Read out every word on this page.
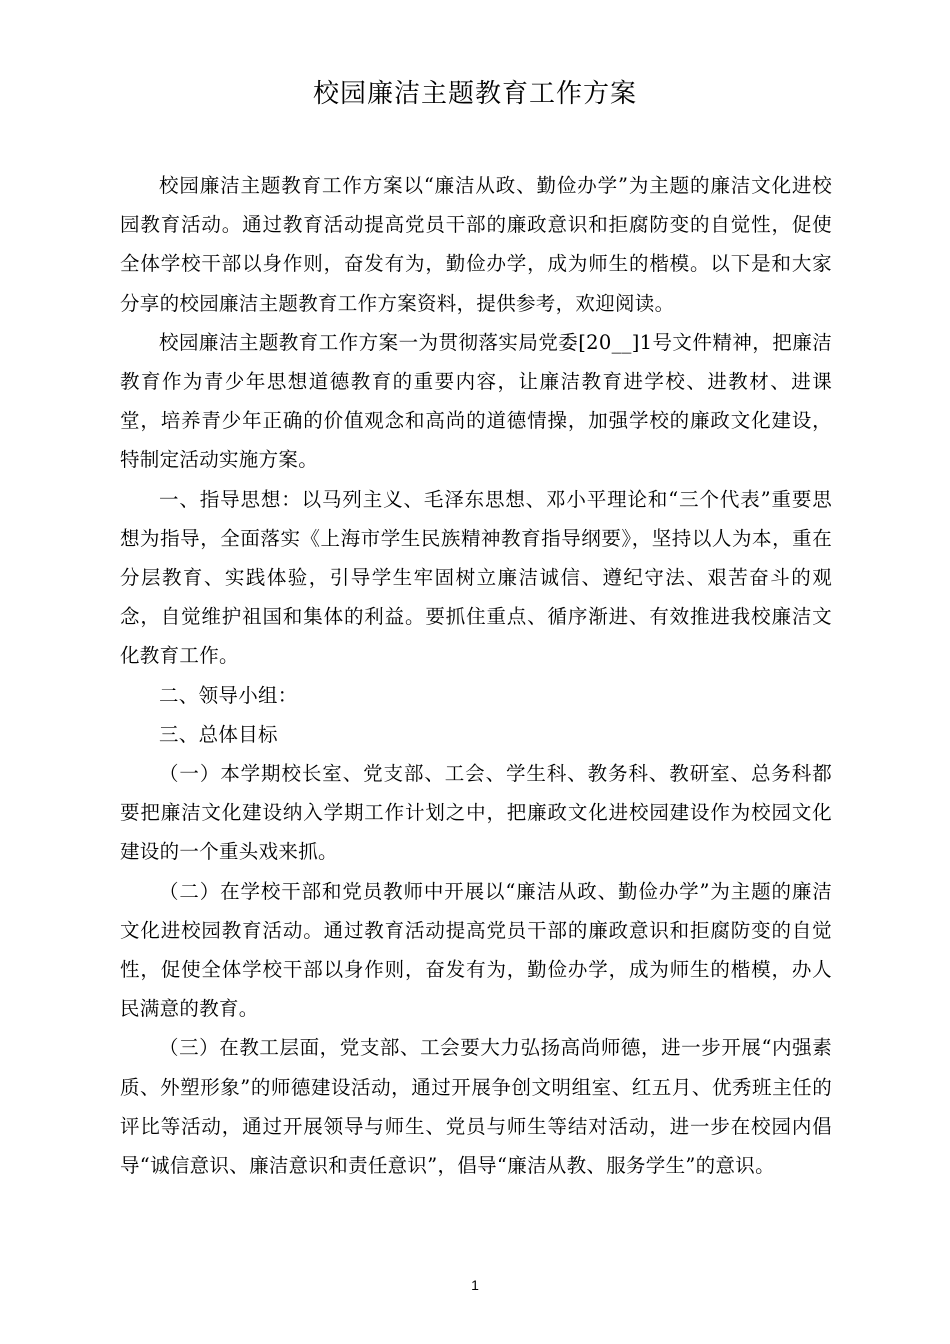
校园廉洁主题教育工作方案

校园廉洁主题教育工作方案以“廉洁从政、勤俭办学”为主题的廉洁文化进校园教育活动。通过教育活动提高党员干部的廉政意识和拒腐防变的自觉性，促使全体学校干部以身作则，奋发有为，勤俭办学，成为师生的楷模。以下是和大家分享的校园廉洁主题教育工作方案资料，提供参考，欢迎阅读。

校园廉洁主题教育工作方案一为贯彻落实局党委[20__]1号文件精神，把廉洁教育作为青少年思想道德教育的重要内容，让廉洁教育进学校、进教材、进课堂，培养青少年正确的价值观念和高尚的道德情操，加强学校的廉政文化建设，特制定活动实施方案。

一、指导思想：以马列主义、毛泽东思想、邓小平理论和“三个代表”重要思想为指导，全面落实《上海市学生民族精神教育指导纲要》，坚持以人为本，重在分层教育、实践体验，引导学生牢固树立廉洁诚信、遵纪守法、艰苦奋斗的观念，自觉维护祖国和集体的利益。要抓住重点、循序渐进、有效推进我校廉洁文化教育工作。

二、领导小组：

三、总体目标

（一）本学期校长室、党支部、工会、学生科、教务科、教研室、总务科都要把廉洁文化建设纳入学期工作计划之中，把廉政文化进校园建设作为校园文化建设的一个重头戏来抓。

（二）在学校干部和党员教师中开展以“廉洁从政、勤俭办学”为主题的廉洁文化进校园教育活动。通过教育活动提高党员干部的廉政意识和拒腐防变的自觉性，促使全体学校干部以身作则，奋发有为，勤俭办学，成为师生的楷模，办人民满意的教育。

（三）在教工层面，党支部、工会要大力弘扬高尚师德，进一步开展“内强素质、外塑形象”的师德建设活动，通过开展争创文明组室、红五月、优秀班主任的评比等活动，通过开展领导与师生、党员与师生等结对活动，进一步在校园内倡导“诚信意识、廉洁意识和责任意识”，倡导“廉洁从教、服务学生”的意识。

1
